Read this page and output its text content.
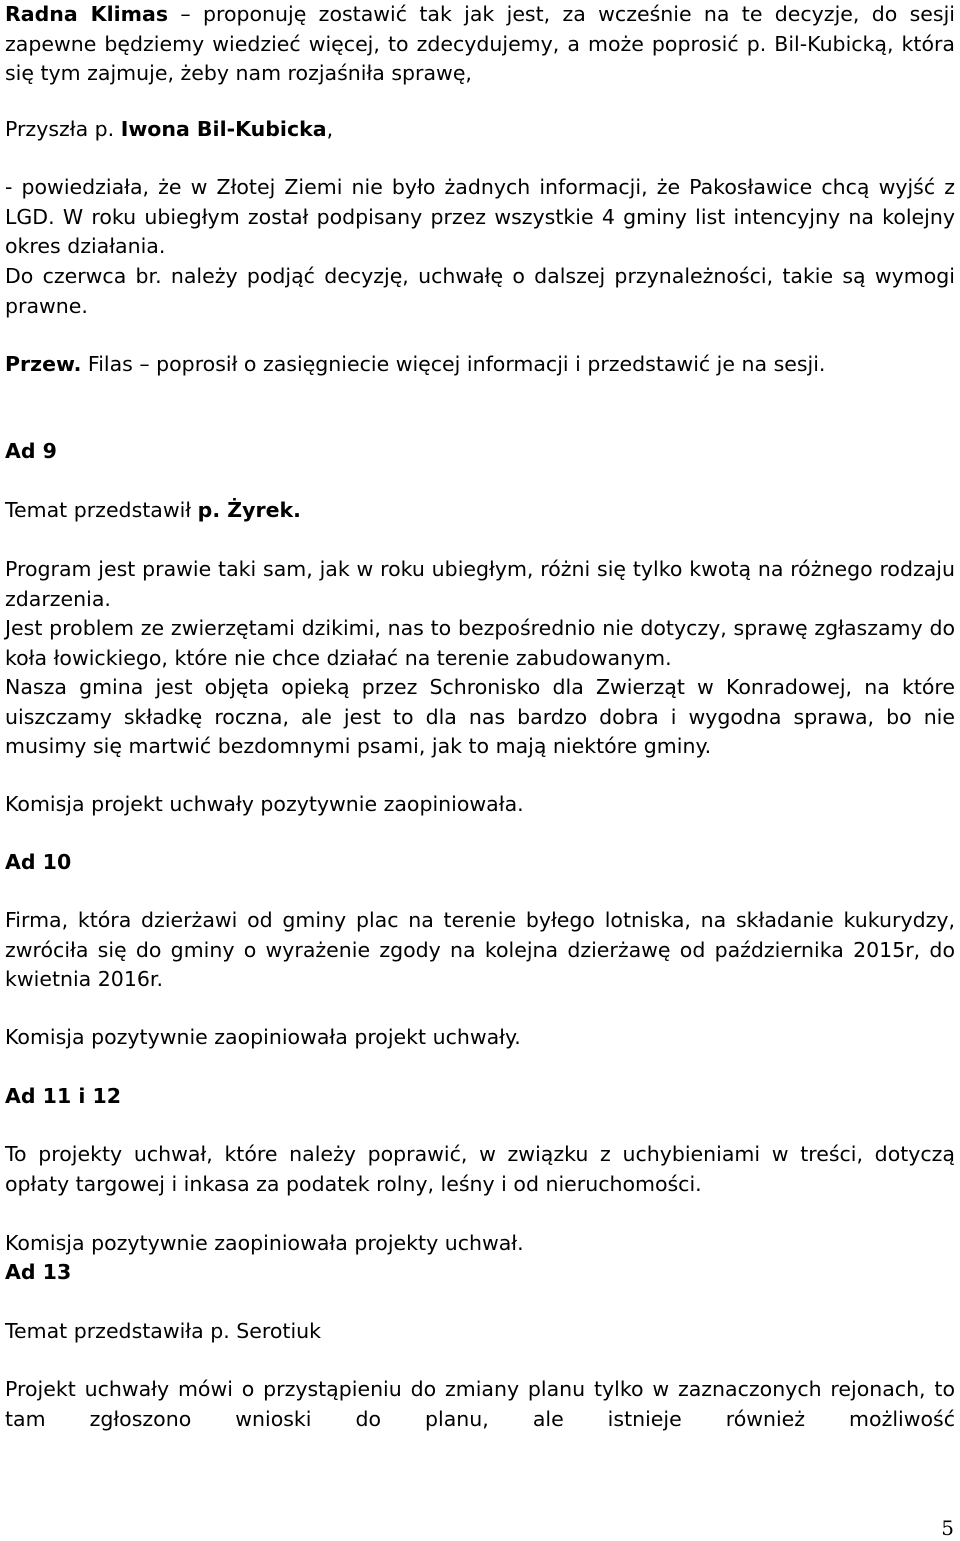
Radna Klimas – proponuję zostawić tak jak jest, za wcześnie na te decyzje, do sesji zapewne będziemy wiedzieć więcej, to zdecydujemy, a może poprosić p. Bil-Kubicką, która się tym zajmuje, żeby nam rozjaśniła sprawę,
Przyszła p. Iwona Bil-Kubicka,
- powiedziała, że w Złotej Ziemi nie było żadnych informacji, że Pakosławice chcą wyjść z LGD. W roku ubiegłym został podpisany przez wszystkie 4 gminy list intencyjny na kolejny okres działania.
Do czerwca br. należy podjąć decyzję, uchwałę o dalszej przynależności, takie są wymogi prawne.
Przew. Filas – poprosił o zasięgniecie więcej informacji i przedstawić je na sesji.
Ad 9
Temat przedstawił p. Żyrek.
Program jest prawie taki sam, jak w roku ubiegłym, różni się tylko kwotą na różnego rodzaju zdarzenia.
Jest problem ze zwierzętami dzikimi, nas to bezpośrednio nie dotyczy, sprawę zgłaszamy do koła łowickiego, które nie chce działać na terenie zabudowanym.
Nasza gmina jest objęta opieką przez Schronisko dla Zwierząt w Konradowej, na które uiszczamy składkę roczna, ale jest to dla nas bardzo dobra i wygodna sprawa, bo nie musimy się martwić bezdomnymi psami, jak to mają niektóre gminy.
Komisja projekt uchwały pozytywnie zaopiniowała.
Ad 10
Firma, która dzierżawi od gminy plac na terenie byłego lotniska, na składanie kukurydzy, zwróciła się do gminy o wyrażenie zgody na kolejna dzierżawę od października 2015r, do kwietnia 2016r.
Komisja pozytywnie zaopiniowała projekt uchwały.
Ad 11 i 12
To projekty uchwał, które należy poprawić, w związku z uchybieniami w treści, dotyczą opłaty targowej i inkasa za podatek rolny, leśny i od nieruchomości.
Komisja pozytywnie zaopiniowała projekty uchwał.
Ad 13
Temat przedstawiła p. Serotiuk
Projekt uchwały mówi o przystąpieniu do zmiany planu tylko w zaznaczonych rejonach, to tam zgłoszono wnioski do planu, ale istnieje również możliwość
5
